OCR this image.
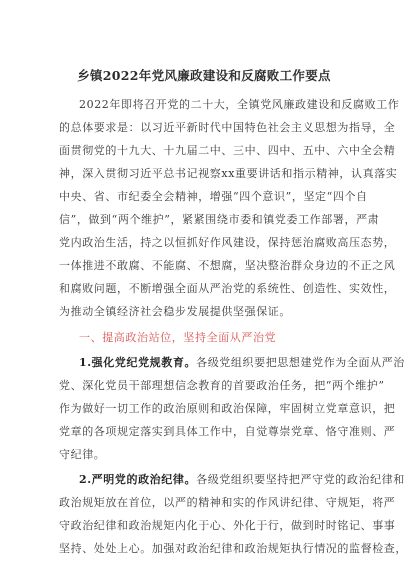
乡镇2022年党风廉政建设和反腐败工作要点
2022年即将召开党的二十大，全镇党风廉政建设和反腐败工作
的总体要求是：以习近平新时代中国特色社会主义思想为指导，全
面贯彻党的十九大、十九届二中、三中、四中、五中、六中全会精
神，深入贯彻习近平总书记视察xx重要讲话和指示精神，认真落实
中央、省、市纪委全会精神，增强“四个意识”，坚定“四个自
信”，做到“两个维护”，紧紧围绕市委和镇党委工作部署，严肃
党内政治生活，持之以恒抓好作风建设，保持惩治腐败高压态势，
一体推进不敢腐、不能腐、不想腐，坚决整治群众身边的不正之风
和腐败问题，不断增强全面从严治党的系统性、创造性、实效性，
为推动全镇经济社会稳步发展提供坚强保证。
一、提高政治站位，坚持全面从严治党
1.强化党纪党规教育。各级党组织要把思想建党作为全面从严治
党、深化党员干部理想信念教育的首要政治任务，把“两个维护”
作为做好一切工作的政治原则和政治保障，牢固树立党章意识，把
党章的各项规定落实到具体工作中，自觉尊崇党章、恪守准则、严
守纪律。
2.严明党的政治纪律。各级党组织要坚持把严守党的政治纪律和
政治规矩放在首位，以严的精神和实的作风讲纪律、守规矩，将严
守政治纪律和政治规矩内化于心、外化于行，做到时时铭记、事事
坚持、处处上心。加强对政治纪律和政治规矩执行情况的监督检查，
